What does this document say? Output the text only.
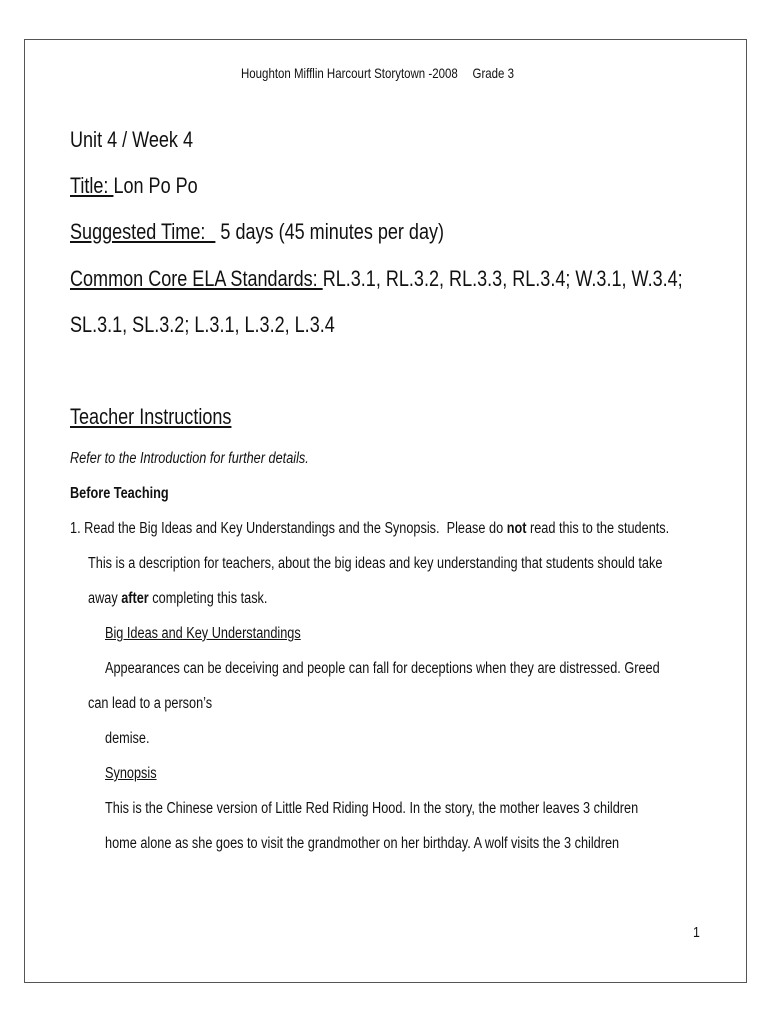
Houghton Mifflin Harcourt Storytown -2008 Grade 3
Unit 4 / Week 4
Title: Lon Po Po
Suggested Time:   5 days (45 minutes per day)
Common Core ELA Standards: RL.3.1, RL.3.2, RL.3.3, RL.3.4; W.3.1, W.3.4;
SL.3.1, SL.3.2; L.3.1, L.3.2, L.3.4
Teacher Instructions
Refer to the Introduction for further details.
Before Teaching
1. Read the Big Ideas and Key Understandings and the Synopsis.  Please do not read this to the students.
This is a description for teachers, about the big ideas and key understanding that students should take
away after completing this task.
Big Ideas and Key Understandings
Appearances can be deceiving and people can fall for deceptions when they are distressed. Greed
can lead to a person’s
demise.
Synopsis
This is the Chinese version of Little Red Riding Hood. In the story, the mother leaves 3 children
home alone as she goes to visit the grandmother on her birthday. A wolf visits the 3 children
1
